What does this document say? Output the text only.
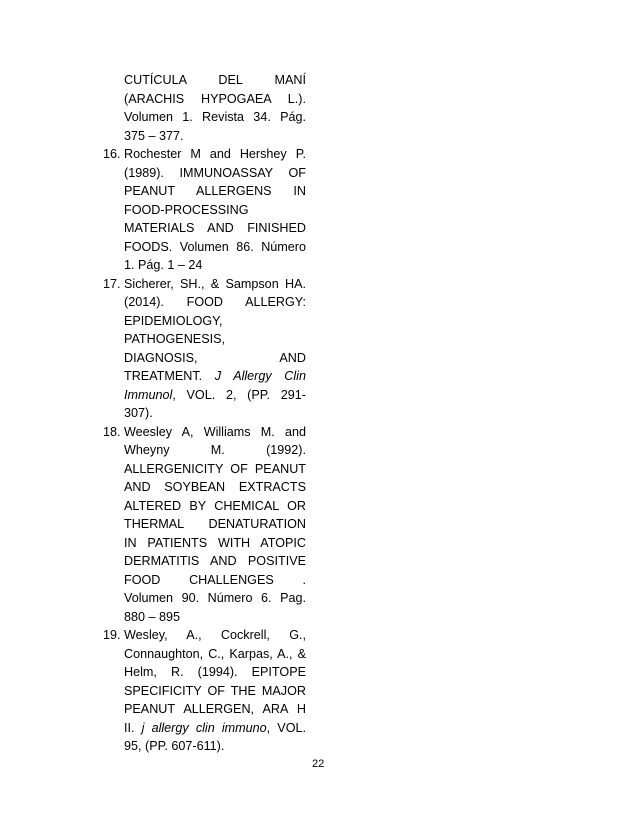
CUTÍCULA DEL MANÍ
(ARACHIS HYPOGAEA L.).
Volumen 1. Revista 34. Pág.
375 – 377.
16. Rochester M and Hershey P.
(1989). IMMUNOASSAY OF
PEANUT ALLERGENS IN
FOOD-PROCESSING
MATERIALS AND FINISHED
FOODS. Volumen 86. Número
1. Pág. 1 – 24
17. Sicherer, SH., & Sampson HA.
(2014). FOOD ALLERGY:
EPIDEMIOLOGY,
PATHOGENESIS,
DIAGNOSIS, AND
TREATMENT. J Allergy Clin
Immunol, VOL. 2, (PP. 291-
307).
18. Weesley A, Williams M. and
Wheyny M. (1992).
ALLERGENICITY OF PEANUT
AND SOYBEAN EXTRACTS
ALTERED BY CHEMICAL OR
THERMAL DENATURATION
IN PATIENTS WITH ATOPIC
DERMATITIS AND POSITIVE
FOOD CHALLENGES .
Volumen 90. Número 6. Pag.
880 – 895
19. Wesley, A., Cockrell, G.,
Connaughton, C., Karpas, A., &
Helm, R. (1994). EPITOPE
SPECIFICITY OF THE MAJOR
PEANUT ALLERGEN, ARA H
II. j allergy clin immuno, VOL.
95, (PP. 607-611).
22
